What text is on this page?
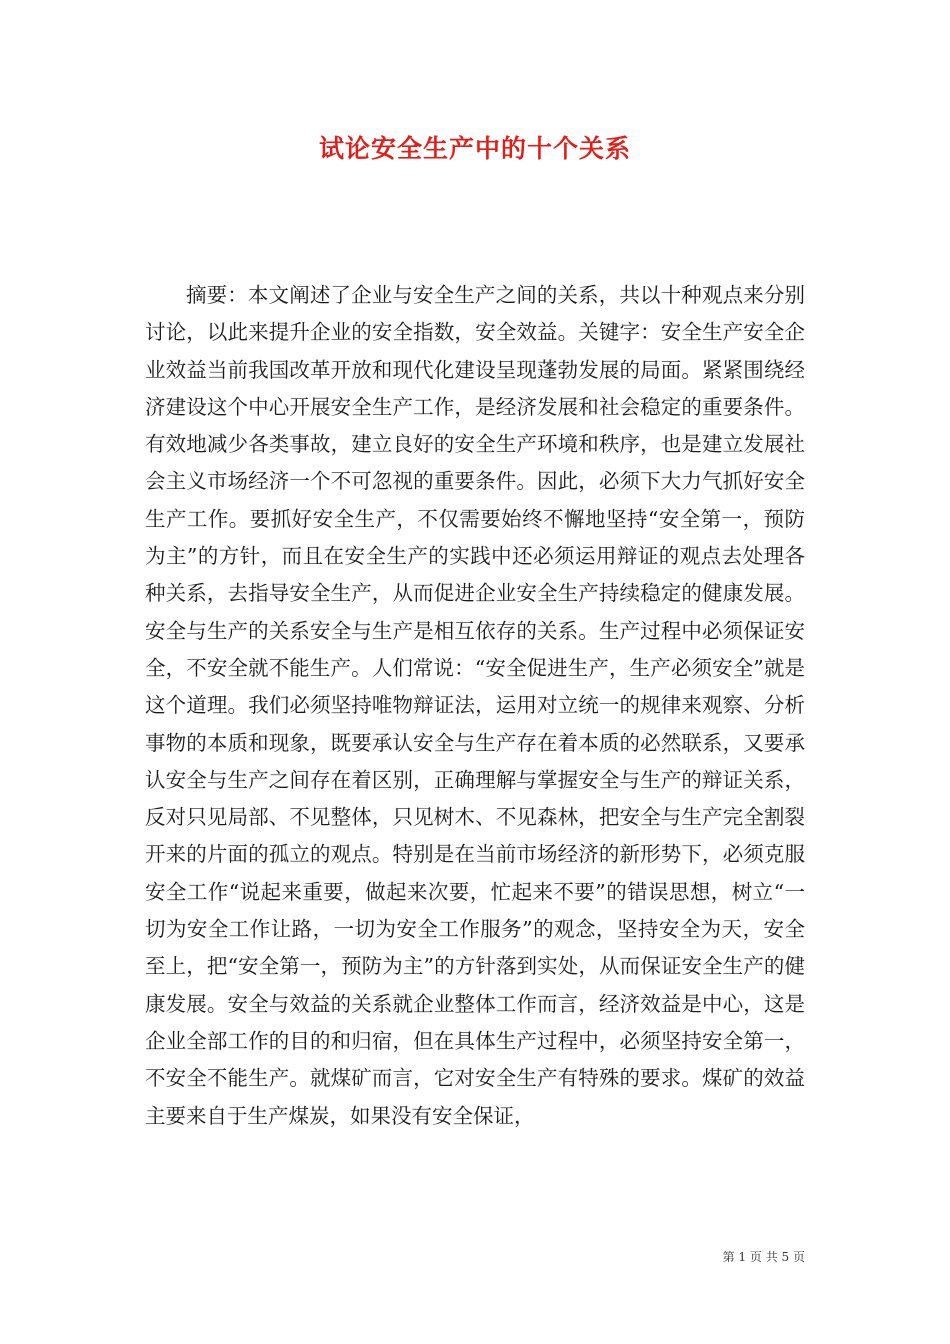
试论安全生产中的十个关系

摘要：本文阐述了企业与安全生产之间的关系，共以十种观点来分别讨论，以此来提升企业的安全指数，安全效益。关键字：安全生产安全企业效益当前我国改革开放和现代化建设呈现蓬勃发展的局面。紧紧围绕经济建设这个中心开展安全生产工作，是经济发展和社会稳定的重要条件。有效地减少各类事故，建立良好的安全生产环境和秩序，也是建立发展社会主义市场经济一个不可忽视的重要条件。因此，必须下大力气抓好安全生产工作。要抓好安全生产，不仅需要始终不懈地坚持“安全第一，预防为主”的方针，而且在安全生产的实践中还必须运用辩证的观点去处理各种关系，去指导安全生产，从而促进企业安全生产持续稳定的健康发展。安全与生产的关系安全与生产是相互依存的关系。生产过程中必须保证安全，不安全就不能生产。人们常说：“安全促进生产，生产必须安全”就是这个道理。我们必须坚持唯物辩证法，运用对立统一的规律来观察、分析事物的本质和现象，既要承认安全与生产存在着本质的必然联系，又要承认安全与生产之间存在着区别，正确理解与掌握安全与生产的辩证关系，反对只见局部、不见整体，只见树木、不见森林，把安全与生产完全割裂开来的片面的孤立的观点。特别是在当前市场经济的新形势下，必须克服安全工作“说起来重要，做起来次要，忙起来不要”的错误思想，树立“一切为安全工作让路，一切为安全工作服务”的观念，坚持安全为天，安全至上，把“安全第一，预防为主”的方针落到实处，从而保证安全生产的健康发展。安全与效益的关系就企业整体工作而言，经济效益是中心，这是企业全部工作的目的和归宿，但在具体生产过程中，必须坚持安全第一，不安全不能生产。就煤矿而言，它对安全生产有特殊的要求。煤矿的效益主要来自于生产煤炭，如果没有安全保证，

第 1 页 共 5 页
